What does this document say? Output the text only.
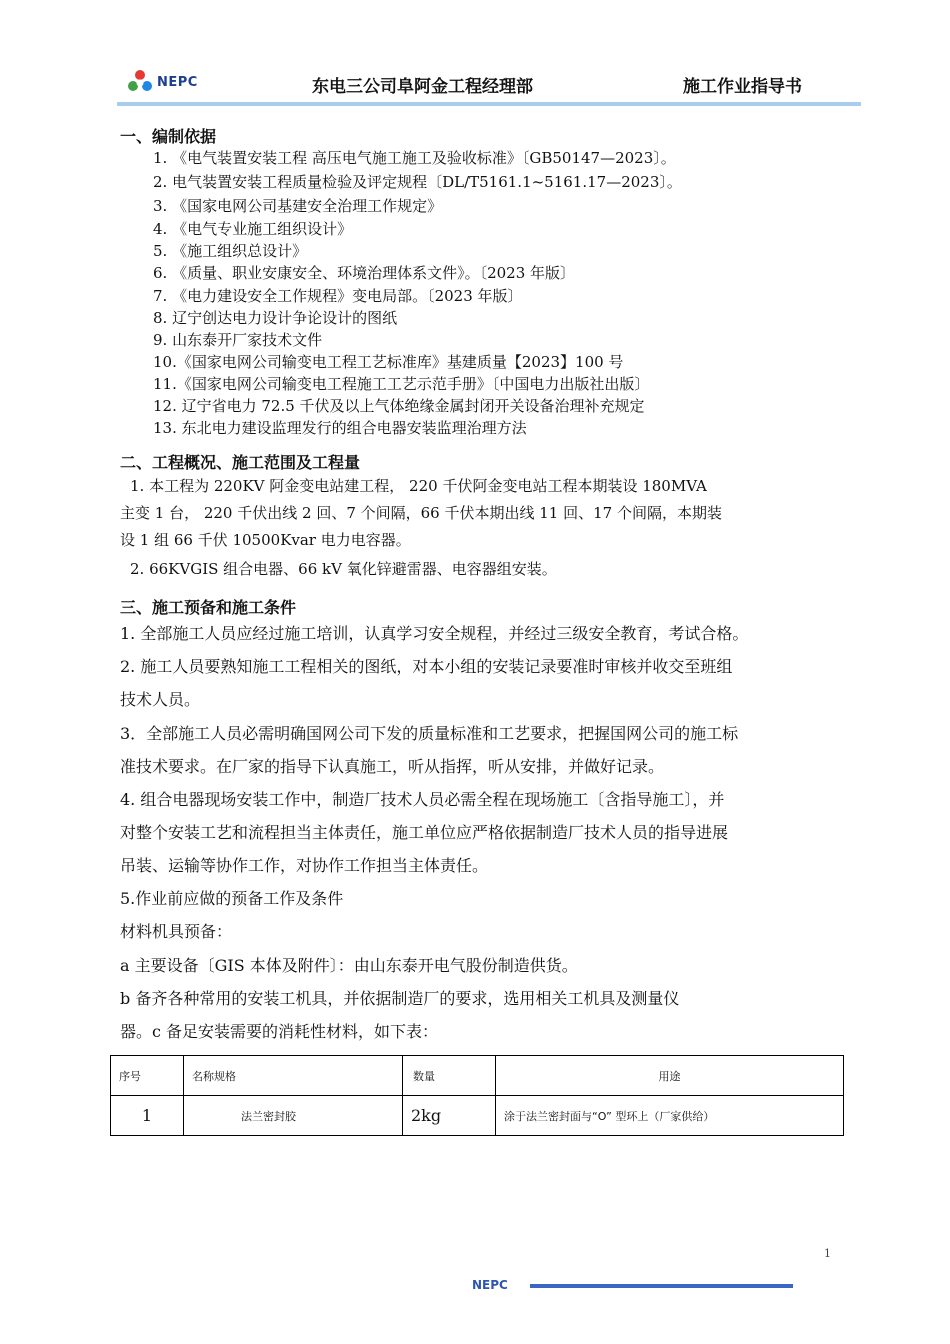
NEPC	东电三公司阜阿金工程经理部	施工作业指导书
一、编制依据
1. 《电气装置安装工程 高压电气施工施工及验收标准》〔GB50147—2023〕。
2. 电气装置安装工程质量检验及评定规程〔DL/T5161.1~5161.17—2023〕。
3. 《国家电网公司基建安全治理工作规定》
4. 《电气专业施工组织设计》
5. 《施工组织总设计》
6. 《质量、职业安康安全、环境治理体系文件》。〔2023 年版〕
7. 《电力建设安全工作规程》变电局部。〔2023 年版〕
8. 辽宁创达电力设计争论设计的图纸
9. 山东泰开厂家技术文件
10.《国家电网公司输变电工程工艺标准库》基建质量【2023】100 号
11.《国家电网公司输变电工程施工工艺示范手册》〔中国电力出版社出版〕
12. 辽宁省电力 72.5 千伏及以上气体绝缘金属封闭开关设备治理补充规定
13. 东北电力建设监理发行的组合电器安装监理治理方法
二、工程概况、施工范围及工程量
1. 本工程为 220KV 阿金变电站建工程， 220 千伏阿金变电站工程本期装设 180MVA
主变 1 台， 220 千伏出线 2 回、7 个间隔，66 千伏本期出线 11 回、17 个间隔，本期装
设 1 组 66 千伏 10500Kvar 电力电容器。
2. 66KVGIS 组合电器、66 kV 氧化锌避雷器、电容器组安装。
三、施工预备和施工条件
1. 全部施工人员应经过施工培训，认真学习安全规程，并经过三级安全教育，考试合格。
2. 施工人员要熟知施工工程相关的图纸，对本小组的安装记录要准时审核并收交至班组
技术人员。
3．全部施工人员必需明确国网公司下发的质量标准和工艺要求，把握国网公司的施工标
准技术要求。在厂家的指导下认真施工，听从指挥，听从安排，并做好记录。
4. 组合电器现场安装工作中，制造厂技术人员必需全程在现场施工〔含指导施工〕，并
对整个安装工艺和流程担当主体责任，施工单位应严格依据制造厂技术人员的指导进展
吊装、运输等协作工作，对协作工作担当主体责任。
5.作业前应做的预备工作及条件
材料机具预备：
a 主要设备〔GIS 本体及附件〕：由山东泰开电气股份制造供货。
b 备齐各种常用的安装工机具，并依据制造厂的要求，选用相关工机具及测量仪
器。c 备足安装需要的消耗性材料，如下表：
序号	名称规格	数量	用途
1	法兰密封胶	2kg	涂于法兰密封面与“O” 型环上（厂家供给）
1
NEPC
